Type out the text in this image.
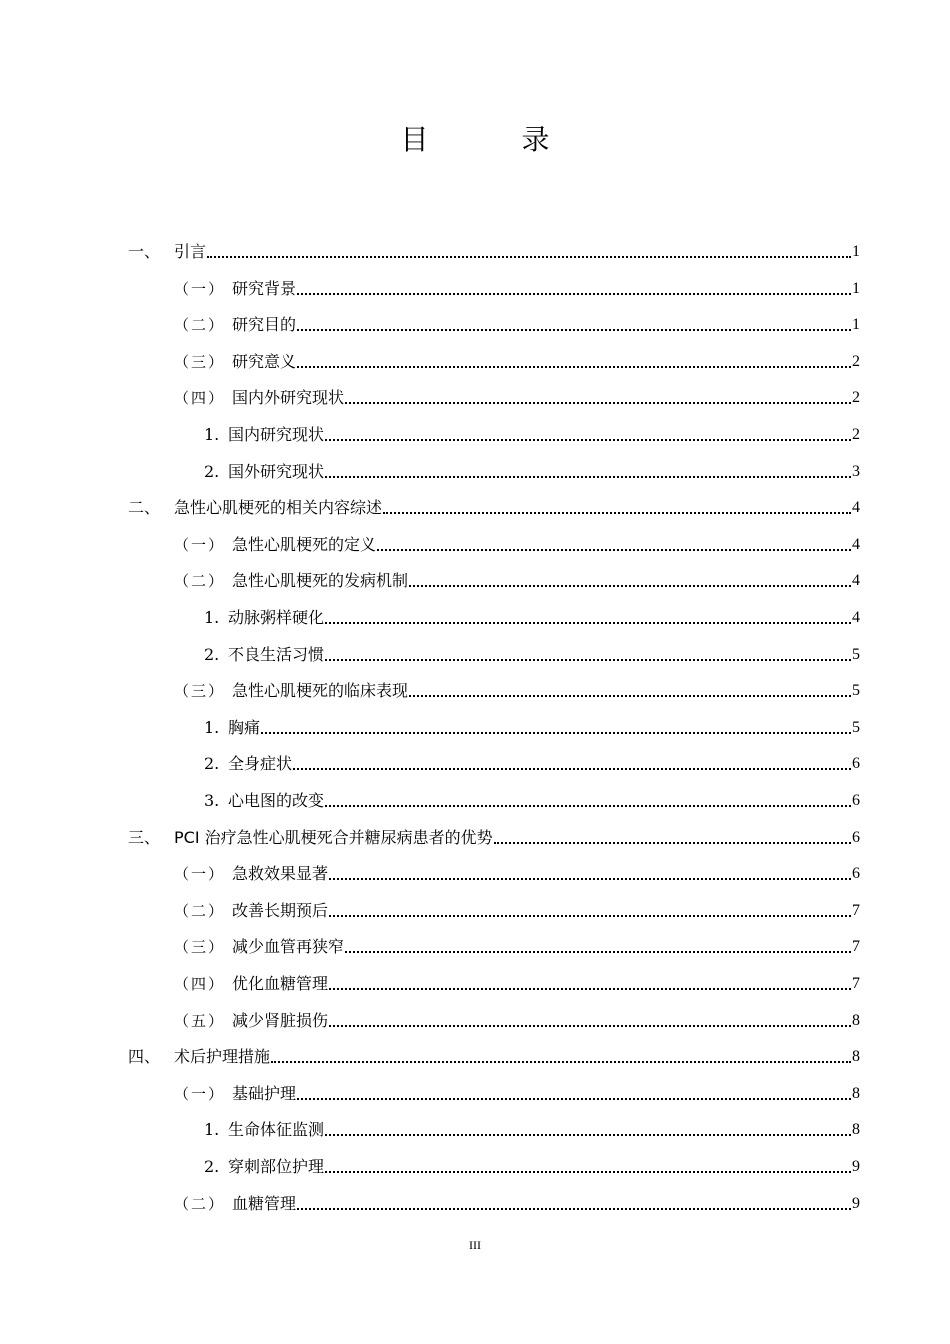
目 录
一、 引言	1
（一） 研究背景	1
（二） 研究目的	1
（三） 研究意义	2
（四） 国内外研究现状	2
1. 国内研究现状	2
2. 国外研究现状	3
二、 急性心肌梗死的相关内容综述	4
（一） 急性心肌梗死的定义	4
（二） 急性心肌梗死的发病机制	4
1. 动脉粥样硬化	4
2. 不良生活习惯	5
（三） 急性心肌梗死的临床表现	5
1. 胸痛	5
2. 全身症状	6
3. 心电图的改变	6
三、 PCI 治疗急性心肌梗死合并糖尿病患者的优势	6
（一） 急救效果显著	6
（二） 改善长期预后	7
（三） 减少血管再狭窄	7
（四） 优化血糖管理	7
（五） 减少肾脏损伤	8
四、 术后护理措施	8
（一） 基础护理	8
1. 生命体征监测	8
2. 穿刺部位护理	9
（二） 血糖管理	9
III
